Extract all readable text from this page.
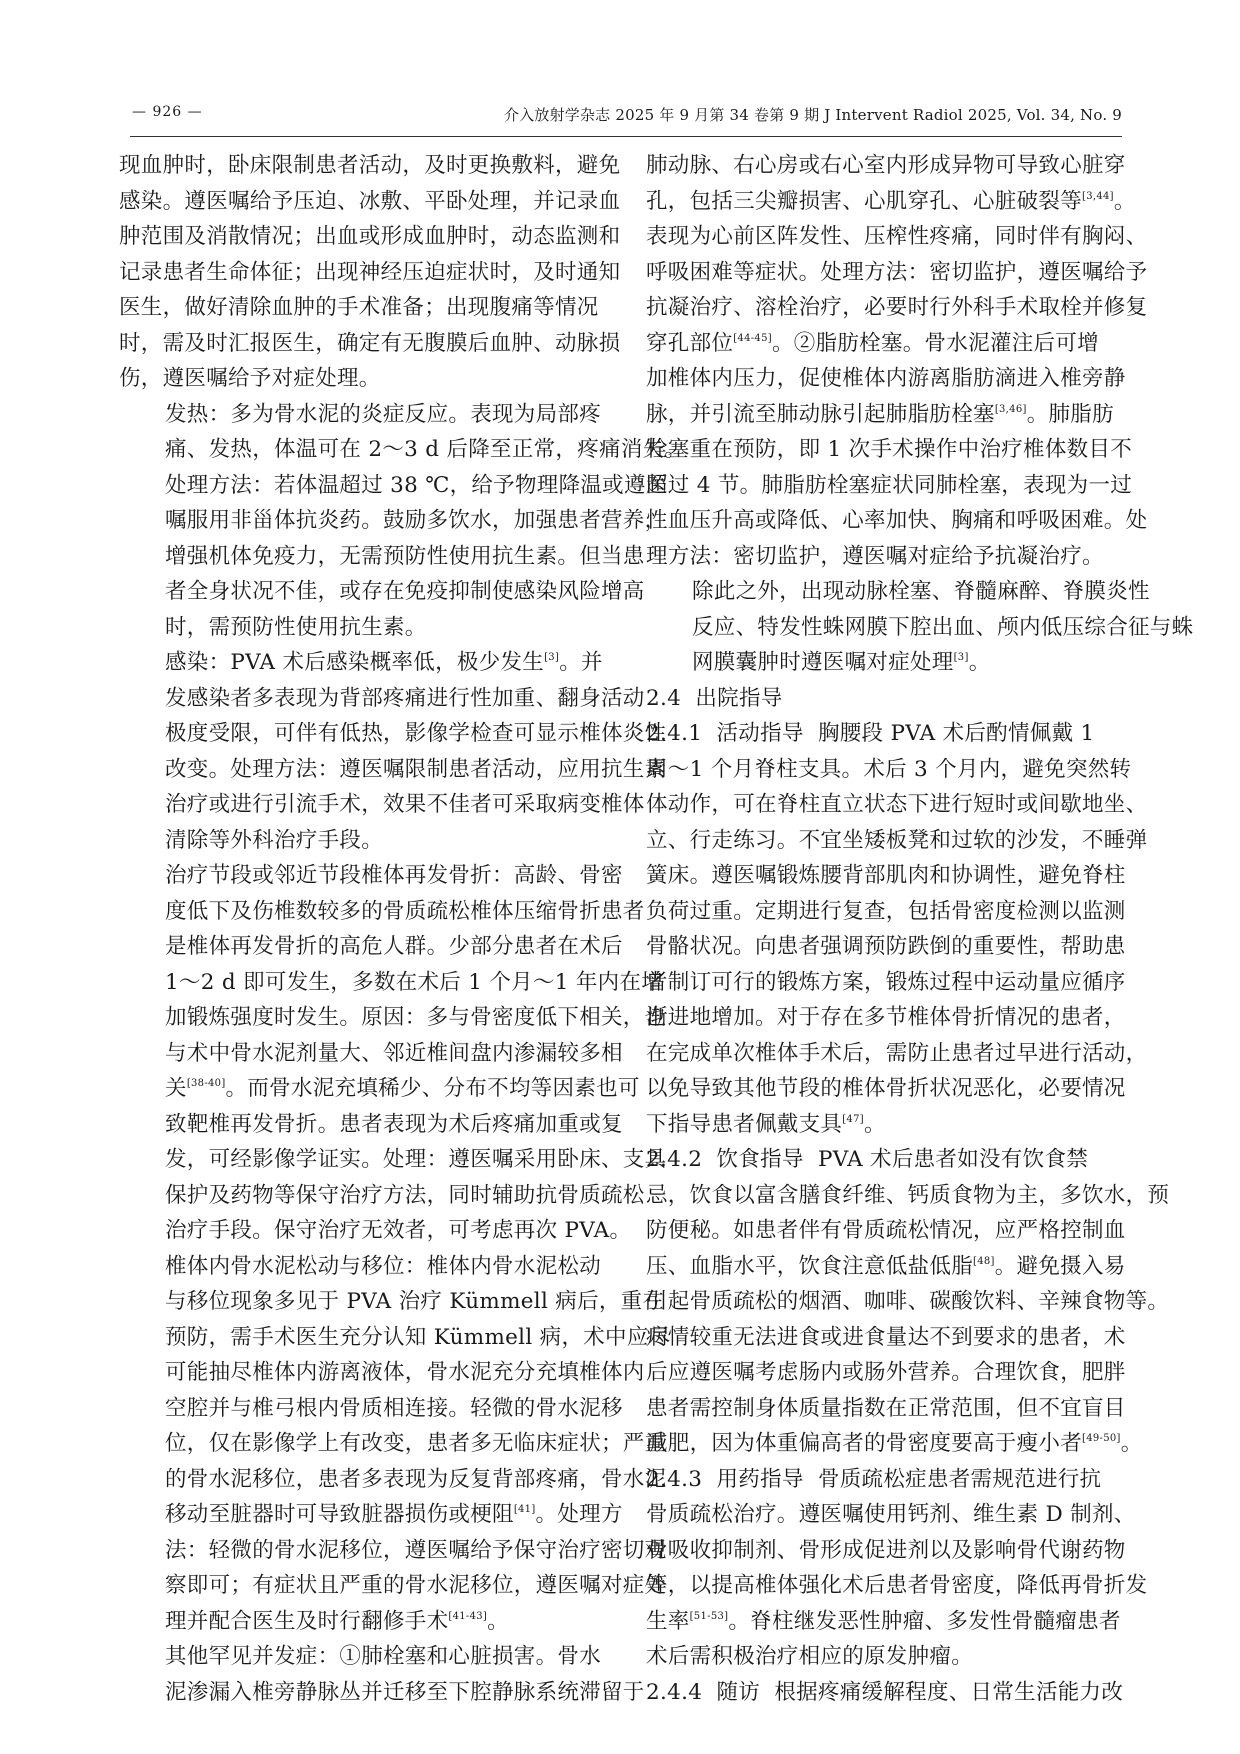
— 926 —	介入放射学杂志 2025 年 9 月第 34 卷第 9 期 J Intervent Radiol 2025, Vol. 34, No. 9

现血肿时，卧床限制患者活动，及时更换敷料，避免
感染。遵医嘱给予压迫、冰敷、平卧处理，并记录血
肿范围及消散情况；出血或形成血肿时，动态监测和
记录患者生命体征；出现神经压迫症状时，及时通知
医生，做好清除血肿的手术准备；出现腹痛等情况
时，需及时汇报医生，确定有无腹膜后血肿、动脉损
伤，遵医嘱给予对症处理。

发热：多为骨水泥的炎症反应。表现为局部疼
痛、发热，体温可在 2～3 d 后降至正常，疼痛消失。
处理方法：若体温超过 38 ℃，给予物理降温或遵医
嘱服用非甾体抗炎药。鼓励多饮水，加强患者营养，
增强机体免疫力，无需预防性使用抗生素。但当患
者全身状况不佳，或存在免疫抑制使感染风险增高
时，需预防性使用抗生素。

感染：PVA 术后感染概率低，极少发生[3]。并
发感染者多表现为背部疼痛进行性加重、翻身活动
极度受限，可伴有低热，影像学检查可显示椎体炎性
改变。处理方法：遵医嘱限制患者活动，应用抗生素
治疗或进行引流手术，效果不佳者可采取病变椎体
清除等外科治疗手段。

治疗节段或邻近节段椎体再发骨折：高龄、骨密
度低下及伤椎数较多的骨质疏松椎体压缩骨折患者
是椎体再发骨折的高危人群。少部分患者在术后
1～2 d 即可发生，多数在术后 1 个月～1 年内在增
加锻炼强度时发生。原因：多与骨密度低下相关，也
与术中骨水泥剂量大、邻近椎间盘内渗漏较多相
关[38-40]。而骨水泥充填稀少、分布不均等因素也可
致靶椎再发骨折。患者表现为术后疼痛加重或复
发，可经影像学证实。处理：遵医嘱采用卧床、支具
保护及药物等保守治疗方法，同时辅助抗骨质疏松
治疗手段。保守治疗无效者，可考虑再次 PVA。

椎体内骨水泥松动与移位：椎体内骨水泥松动
与移位现象多见于 PVA 治疗 Kümmell 病后，重在
预防，需手术医生充分认知 Kümmell 病，术中应尽
可能抽尽椎体内游离液体，骨水泥充分充填椎体内
空腔并与椎弓根内骨质相连接。轻微的骨水泥移
位，仅在影像学上有改变，患者多无临床症状；严重
的骨水泥移位，患者多表现为反复背部疼痛，骨水泥
移动至脏器时可导致脏器损伤或梗阻[41]。处理方
法：轻微的骨水泥移位，遵医嘱给予保守治疗密切观
察即可；有症状且严重的骨水泥移位，遵医嘱对症处
理并配合医生及时行翻修手术[41-43]。

其他罕见并发症：①肺栓塞和心脏损害。骨水
泥渗漏入椎旁静脉丛并迁移至下腔静脉系统滞留于

肺动脉、右心房或右心室内形成异物可导致心脏穿
孔，包括三尖瓣损害、心肌穿孔、心脏破裂等[3,44]。
表现为心前区阵发性、压榨性疼痛，同时伴有胸闷、
呼吸困难等症状。处理方法：密切监护，遵医嘱给予
抗凝治疗、溶栓治疗，必要时行外科手术取栓并修复
穿孔部位[44-45]。②脂肪栓塞。骨水泥灌注后可增
加椎体内压力，促使椎体内游离脂肪滴进入椎旁静
脉，并引流至肺动脉引起肺脂肪栓塞[3,46]。肺脂肪
栓塞重在预防，即 1 次手术操作中治疗椎体数目不
超过 4 节。肺脂肪栓塞症状同肺栓塞，表现为一过
性血压升高或降低、心率加快、胸痛和呼吸困难。处
理方法：密切监护，遵医嘱对症给予抗凝治疗。

除此之外，出现动脉栓塞、脊髓麻醉、脊膜炎性
反应、特发性蛛网膜下腔出血、颅内低压综合征与蛛
网膜囊肿时遵医嘱对症处理[3]。

2.4  出院指导

2.4.1  活动指导  胸腰段 PVA 术后酌情佩戴 1
周～1 个月脊柱支具。术后 3 个月内，避免突然转
体动作，可在脊柱直立状态下进行短时或间歇地坐、
立、行走练习。不宜坐矮板凳和过软的沙发，不睡弹
簧床。遵医嘱锻炼腰背部肌肉和协调性，避免脊柱
负荷过重。定期进行复查，包括骨密度检测以监测
骨骼状况。向患者强调预防跌倒的重要性，帮助患
者制订可行的锻炼方案，锻炼过程中运动量应循序
渐进地增加。对于存在多节椎体骨折情况的患者，
在完成单次椎体手术后，需防止患者过早进行活动，
以免导致其他节段的椎体骨折状况恶化，必要情况
下指导患者佩戴支具[47]。

2.4.2  饮食指导  PVA 术后患者如没有饮食禁
忌，饮食以富含膳食纤维、钙质食物为主，多饮水，预
防便秘。如患者伴有骨质疏松情况，应严格控制血
压、血脂水平，饮食注意低盐低脂[48]。避免摄入易
引起骨质疏松的烟酒、咖啡、碳酸饮料、辛辣食物等。
病情较重无法进食或进食量达不到要求的患者，术
后应遵医嘱考虑肠内或肠外营养。合理饮食，肥胖
患者需控制身体质量指数在正常范围，但不宜盲目
减肥，因为体重偏高者的骨密度要高于瘦小者[49-50]。

2.4.3  用药指导  骨质疏松症患者需规范进行抗
骨质疏松治疗。遵医嘱使用钙剂、维生素 D 制剂、
骨吸收抑制剂、骨形成促进剂以及影响骨代谢药物
等，以提高椎体强化术后患者骨密度，降低再骨折发
生率[51-53]。脊柱继发恶性肿瘤、多发性骨髓瘤患者
术后需积极治疗相应的原发肿瘤。

2.4.4  随访  根据疼痛缓解程度、日常生活能力改
